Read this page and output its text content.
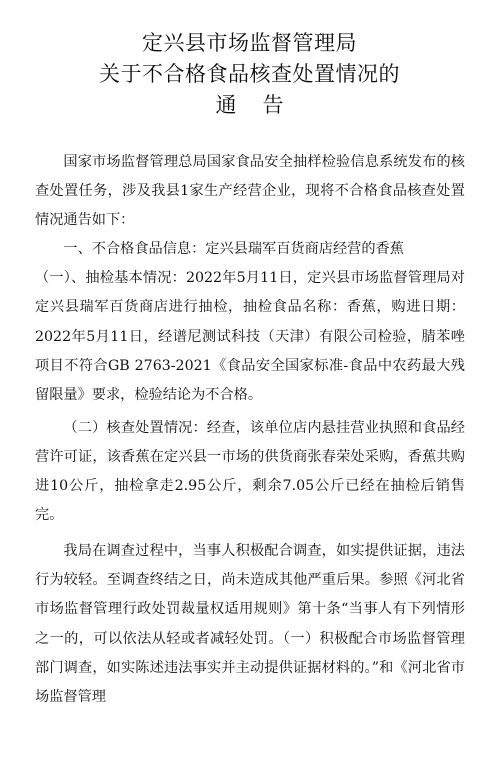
定兴县市场监督管理局
关于不合格食品核查处置情况的
通告

国家市场监督管理总局国家食品安全抽样检验信息系统发布的核查处置任务，涉及我县1家生产经营企业，现将不合格食品核查处置情况通告如下：

一、不合格食品信息：定兴县瑞军百货商店经营的香蕉

（一）、抽检基本情况：2022年5月11日，定兴县市场监督管理局对定兴县瑞军百货商店进行抽检，抽检食品名称：香蕉，购进日期：2022年5月11日，经谱尼测试科技（天津）有限公司检验，腈苯唑项目不符合GB 2763-2021《食品安全国家标准-食品中农药最大残留限量》要求，检验结论为不合格。

（二）核查处置情况：经查，该单位店内悬挂营业执照和食品经营许可证，该香蕉在定兴县一市场的供货商张春荣处采购，香蕉共购进10公斤，抽检拿走2.95公斤，剩余7.05公斤已经在抽检后销售完。

我局在调查过程中，当事人积极配合调查，如实提供证据，违法行为较轻。至调查终结之日，尚未造成其他严重后果。参照《河北省市场监督管理行政处罚裁量权适用规则》第十条“当事人有下列情形之一的，可以依法从轻或者减轻处罚。（一）积极配合市场监督管理部门调查，如实陈述违法事实并主动提供证据材料的。”和《河北省市场监督管理
